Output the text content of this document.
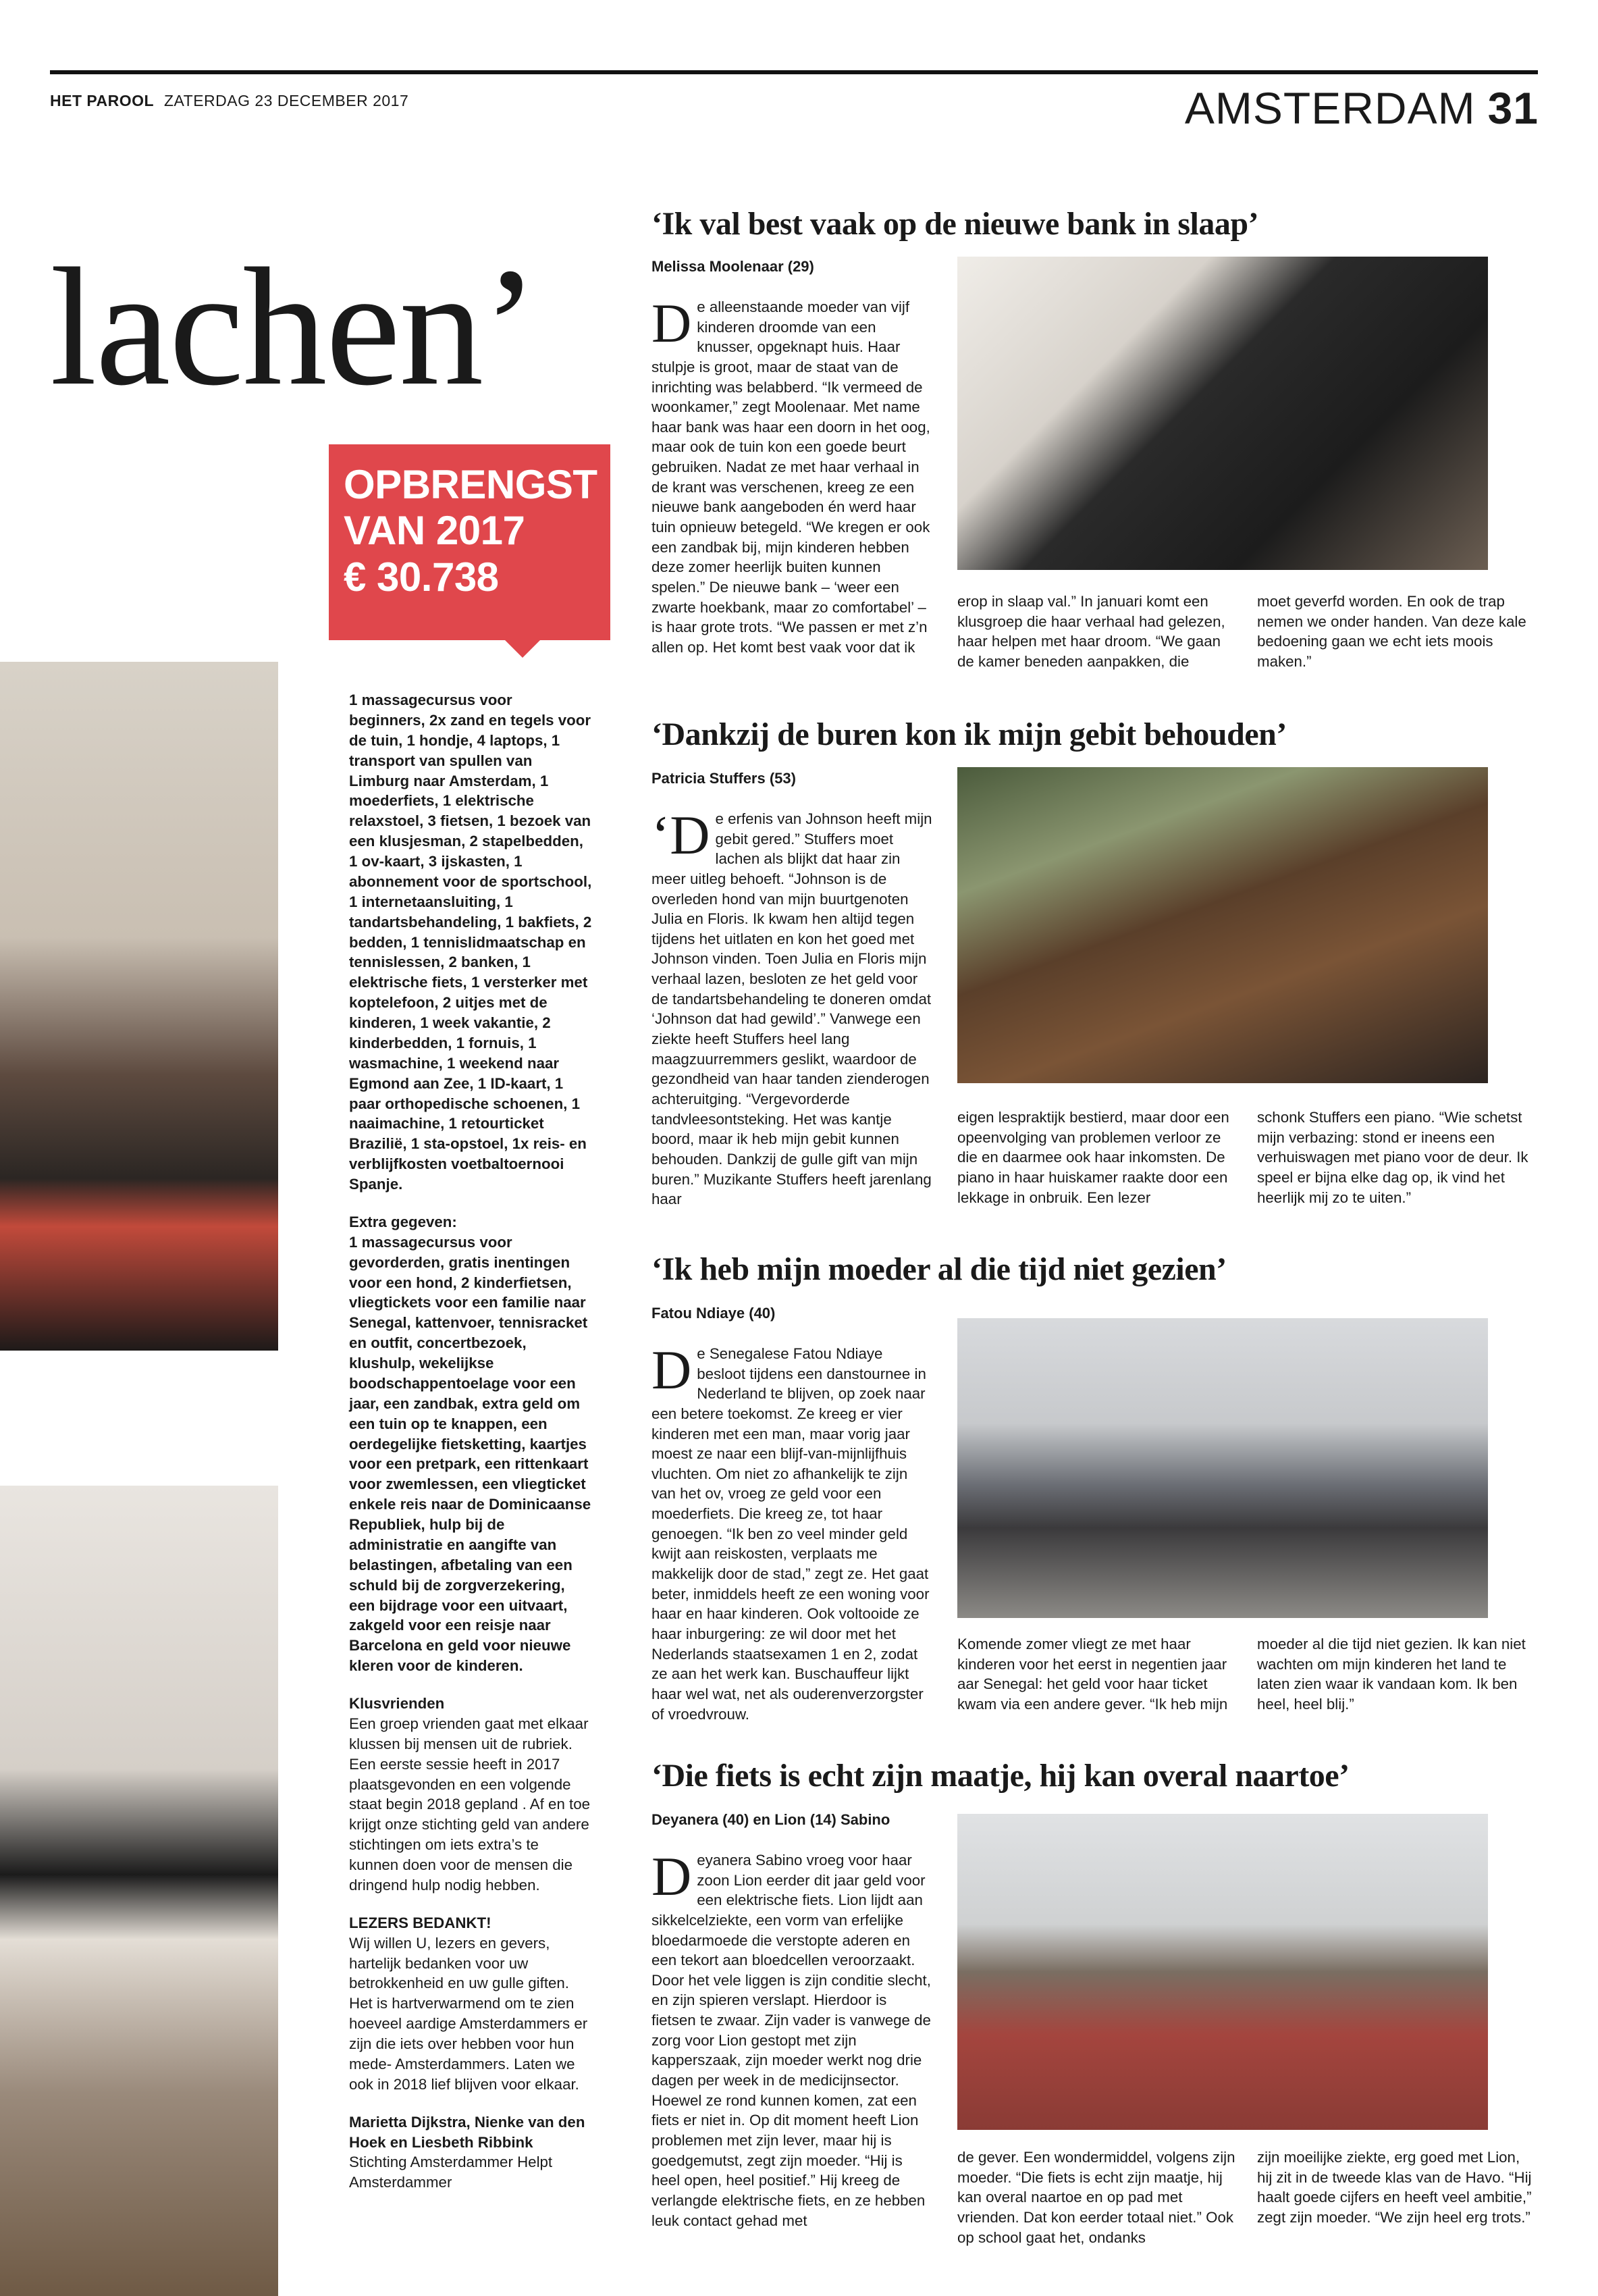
HET PAROOL ZATERDAG 23 DECEMBER 2017	AMSTERDAM 31
lachen’
OPBRENGST
VAN 2017
€ 30.738

1 massagecursus voor beginners, 2x zand en tegels voor de tuin, 1 hondje, 4 laptops, 1 transport van spullen van Limburg naar Amsterdam, 1 moederfiets, 1 elektrische relaxstoel, 3 fietsen, 1 bezoek van een klusjesman, 2 stapelbedden, 1 ov-kaart, 3 ijskasten, 1 abonnement voor de sportschool, 1 internetaansluiting, 1 tandartsbehandeling, 1 bakfiets, 2 bedden, 1 tennislidmaatschap en tennislessen, 2 banken, 1 elektrische fiets, 1 versterker met koptelefoon, 2 uitjes met de kinderen, 1 week vakantie, 2 kinderbedden, 1 fornuis, 1 wasmachine, 1 weekend naar Egmond aan Zee, 1 ID-kaart, 1 paar orthopedische schoenen, 1 naaimachine, 1 retourticket Brazilië, 1 sta-opstoel, 1x reis- en verblijfkosten voetbaltoernooi Spanje.

Extra gegeven:
1 massagecursus voor gevorderden, gratis inentingen voor een hond, 2 kinderfietsen, vliegtickets voor een familie naar Senegal, kattenvoer, tennisracket en outfit, concertbezoek, klushulp, wekelijkse boodschappentoelage voor een jaar, een zandbak, extra geld om een tuin op te knappen, een oerdegelijke fietsketting, kaartjes voor een pretpark, een rittenkaart voor zwemlessen, een vliegticket enkele reis naar de Dominicaanse Republiek, hulp bij de administratie en aangifte van belastingen, afbetaling van een schuld bij de zorgverzekering, een bijdrage voor een uitvaart, zakgeld voor een reisje naar Barcelona en geld voor nieuwe kleren voor de kinderen.

Klusvrienden
Een groep vrienden gaat met elkaar klussen bij mensen uit de rubriek. Een eerste sessie heeft in 2017 plaatsgevonden en een volgende staat begin 2018 gepland . Af en toe krijgt onze stichting geld van andere stichtingen om iets extra’s te kunnen doen voor de mensen die dringend hulp nodig hebben.

LEZERS BEDANKT!
Wij willen U, lezers en gevers, hartelijk bedanken voor uw betrokkenheid en uw gulle giften. Het is hartverwarmend om te zien hoeveel aardige Amsterdammers er zijn die iets over hebben voor hun mede- Amsterdammers. Laten we ook in 2018 lief blijven voor elkaar.

Marietta Dijkstra, Nienke van den Hoek en Liesbeth Ribbink
Stichting Amsterdammer Helpt Amsterdammer

‘Ik val best vaak op de nieuwe bank in slaap’
Melissa Moolenaar (29)
De alleenstaande moeder van vijf kinderen droomde van een knusser, opgeknapt huis. Haar stulpje is groot, maar de staat van de inrichting was belabberd. “Ik vermeed de woonkamer,” zegt Moolenaar. Met name haar bank was haar een doorn in het oog, maar ook de tuin kon een goede beurt gebruiken. Nadat ze met haar verhaal in de krant was verschenen, kreeg ze een nieuwe bank aangeboden én werd haar tuin opnieuw betegeld. “We kregen er ook een zandbak bij, mijn kinderen hebben deze zomer heerlijk buiten kunnen spelen.” De nieuwe bank – ‘weer een zwarte hoekbank, maar zo comfortabel’ – is haar grote trots. “We passen er met z’n allen op. Het komt best vaak voor dat ik
erop in slaap val.” In januari komt een klusgroep die haar verhaal had gelezen, haar helpen met haar droom. “We gaan de kamer beneden aanpakken, die
moet geverfd worden. En ook de trap nemen we onder handen. Van deze kale bedoening gaan we echt iets moois maken.”
‘Dankzij de buren kon ik mijn gebit behouden’
Patricia Stuffers (53)
‘De erfenis van Johnson heeft mijn gebit gered.” Stuffers moet lachen als blijkt dat haar zin meer uitleg behoeft. “Johnson is de overleden hond van mijn buurtgenoten Julia en Floris. Ik kwam hen altijd tegen tijdens het uitlaten en kon het goed met Johnson vinden. Toen Julia en Floris mijn verhaal lazen, besloten ze het geld voor de tandartsbehandeling te doneren omdat ‘Johnson dat had gewild’.” Vanwege een ziekte heeft Stuffers heel lang maagzuurremmers geslikt, waardoor de gezondheid van haar tanden zienderogen achteruitging. “Vergevorderde tandvleesontsteking. Het was kantje boord, maar ik heb mijn gebit kunnen behouden. Dankzij de gulle gift van mijn buren.” Muzikante Stuffers heeft jarenlang haar
eigen lespraktijk bestierd, maar door een opeenvolging van problemen verloor ze die en daarmee ook haar inkomsten. De piano in haar huiskamer raakte door een lekkage in onbruik. Een lezer
schonk Stuffers een piano. “Wie schetst mijn verbazing: stond er ineens een verhuiswagen met piano voor de deur. Ik speel er bijna elke dag op, ik vind het heerlijk mij zo te uiten.”
‘Ik heb mijn moeder al die tijd niet gezien’
Fatou Ndiaye (40)
De Senegalese Fatou Ndiaye besloot tijdens een danstournee in Nederland te blijven, op zoek naar een betere toekomst. Ze kreeg er vier kinderen met een man, maar vorig jaar moest ze naar een blijf-van-mijnlijfhuis vluchten. Om niet zo afhankelijk te zijn van het ov, vroeg ze geld voor een moederfiets. Die kreeg ze, tot haar genoegen. “Ik ben zo veel minder geld kwijt aan reiskosten, verplaats me makkelijk door de stad,” zegt ze. Het gaat beter, inmiddels heeft ze een woning voor haar en haar kinderen. Ook voltooide ze haar inburgering: ze wil door met het Nederlands staatsexamen 1 en 2, zodat ze aan het werk kan. Buschauffeur lijkt haar wel wat, net als ouderenverzorgster of vroedvrouw.
Komende zomer vliegt ze met haar kinderen voor het eerst in negentien jaar aar Senegal: het geld voor haar ticket kwam via een andere gever. “Ik heb mijn
moeder al die tijd niet gezien. Ik kan niet wachten om mijn kinderen het land te laten zien waar ik vandaan kom. Ik ben heel, heel blij.”
‘Die fiets is echt zijn maatje, hij kan overal naartoe’
Deyanera (40) en Lion (14) Sabino
Deyanera Sabino vroeg voor haar zoon Lion eerder dit jaar geld voor een elektrische fiets. Lion lijdt aan sikkelcelziekte, een vorm van erfelijke bloedarmoede die verstopte aderen en een tekort aan bloedcellen veroorzaakt. Door het vele liggen is zijn conditie slecht, en zijn spieren verslapt. Hierdoor is fietsen te zwaar. Zijn vader is vanwege de zorg voor Lion gestopt met zijn kapperszaak, zijn moeder werkt nog drie dagen per week in de medicijnsector. Hoewel ze rond kunnen komen, zat een fiets er niet in. Op dit moment heeft Lion problemen met zijn lever, maar hij is goedgemutst, zegt zijn moeder. “Hij is heel open, heel positief.” Hij kreeg de verlangde elektrische fiets, en ze hebben leuk contact gehad met
de gever. Een wondermiddel, volgens zijn moeder. “Die fiets is echt zijn maatje, hij kan overal naartoe en op pad met vrienden. Dat kon eerder totaal niet.” Ook op school gaat het, ondanks
zijn moeilijke ziekte, erg goed met Lion, hij zit in de tweede klas van de Havo. “Hij haalt goede cijfers en heeft veel ambitie,” zegt zijn moeder. “We zijn heel erg trots.”
